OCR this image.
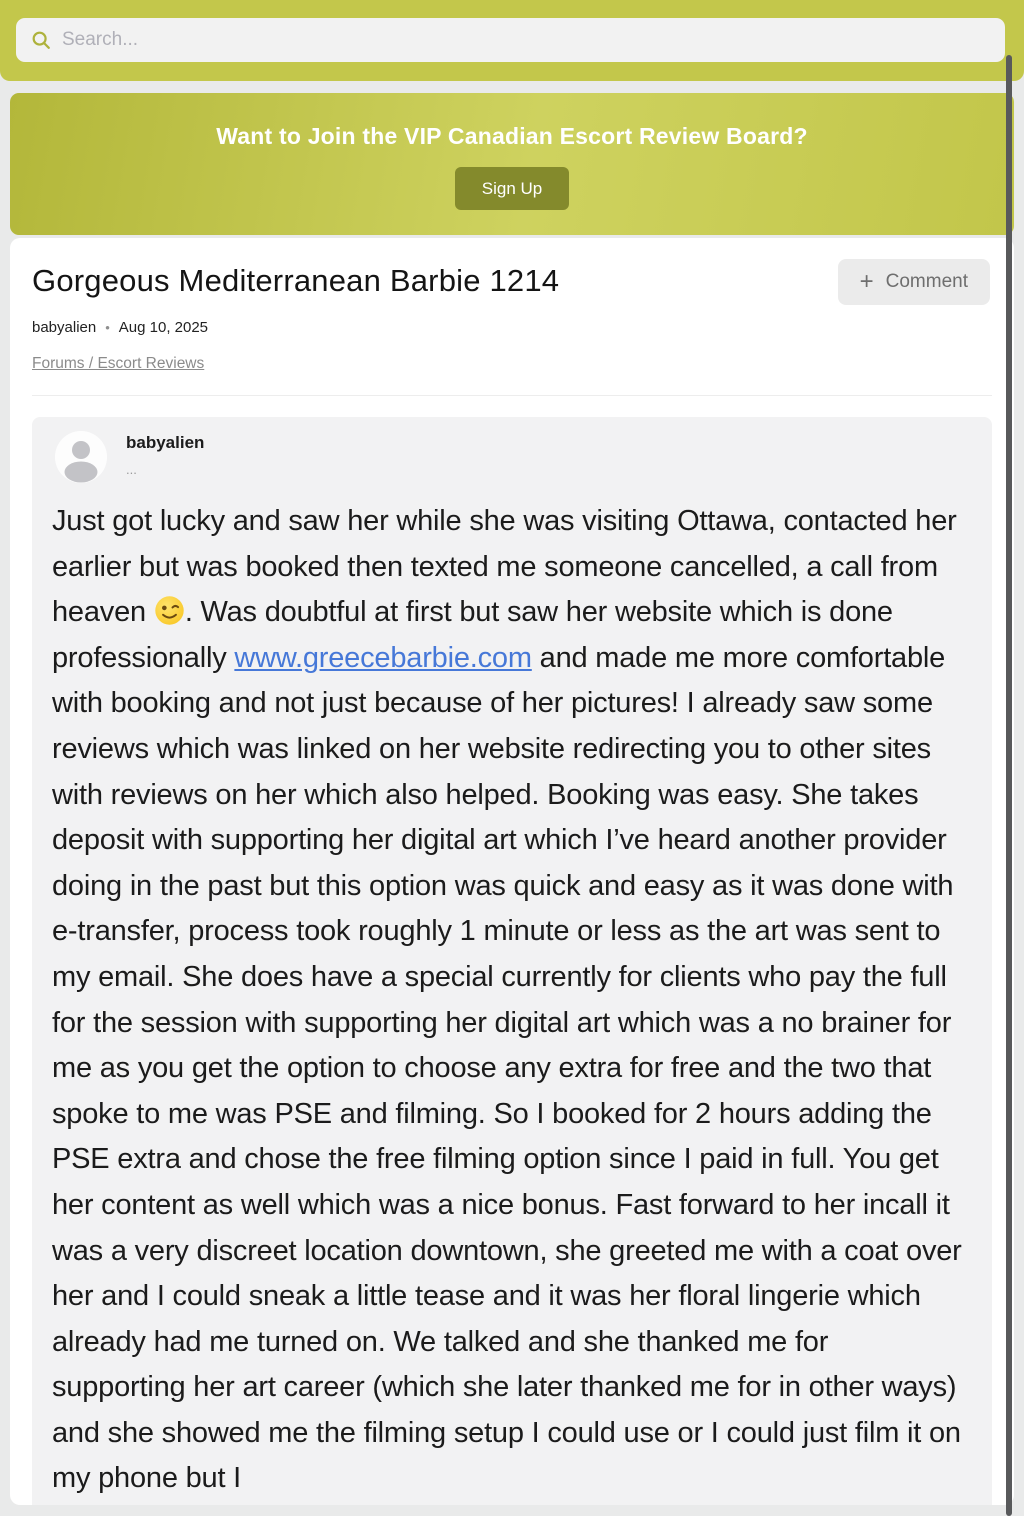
Search...
Want to Join the VIP Canadian Escort Review Board?
Sign Up
Gorgeous Mediterranean Barbie 1214	+ Comment
babyalien • Aug 10, 2025
Forums / Escort Reviews
babyalien
...
Just got lucky and saw her while she was visiting Ottawa, contacted her earlier but was booked then texted me someone cancelled, a call from heaven . Was doubtful at first but saw her website which is done professionally www.greecebarbie.com and made me more comfortable with booking and not just because of her pictures! I already saw some reviews which was linked on her website redirecting you to other sites with reviews on her which also helped. Booking was easy. She takes deposit with supporting her digital art which I’ve heard another provider doing in the past but this option was quick and easy as it was done with e-transfer, process took roughly 1 minute or less as the art was sent to my email. She does have a special currently for clients who pay the full for the session with supporting her digital art which was a no brainer for me as you get the option to choose any extra for free and the two that spoke to me was PSE and filming. So I booked for 2 hours adding the PSE extra and chose the free filming option since I paid in full. You get her content as well which was a nice bonus. Fast forward to her incall it was a very discreet location downtown, she greeted me with a coat over her and I could sneak a little tease and it was her floral lingerie which already had me turned on. We talked and she thanked me for supporting her art career (which she later thanked me for in other ways) and she showed me the filming setup I could use or I could just film it on my phone but I
